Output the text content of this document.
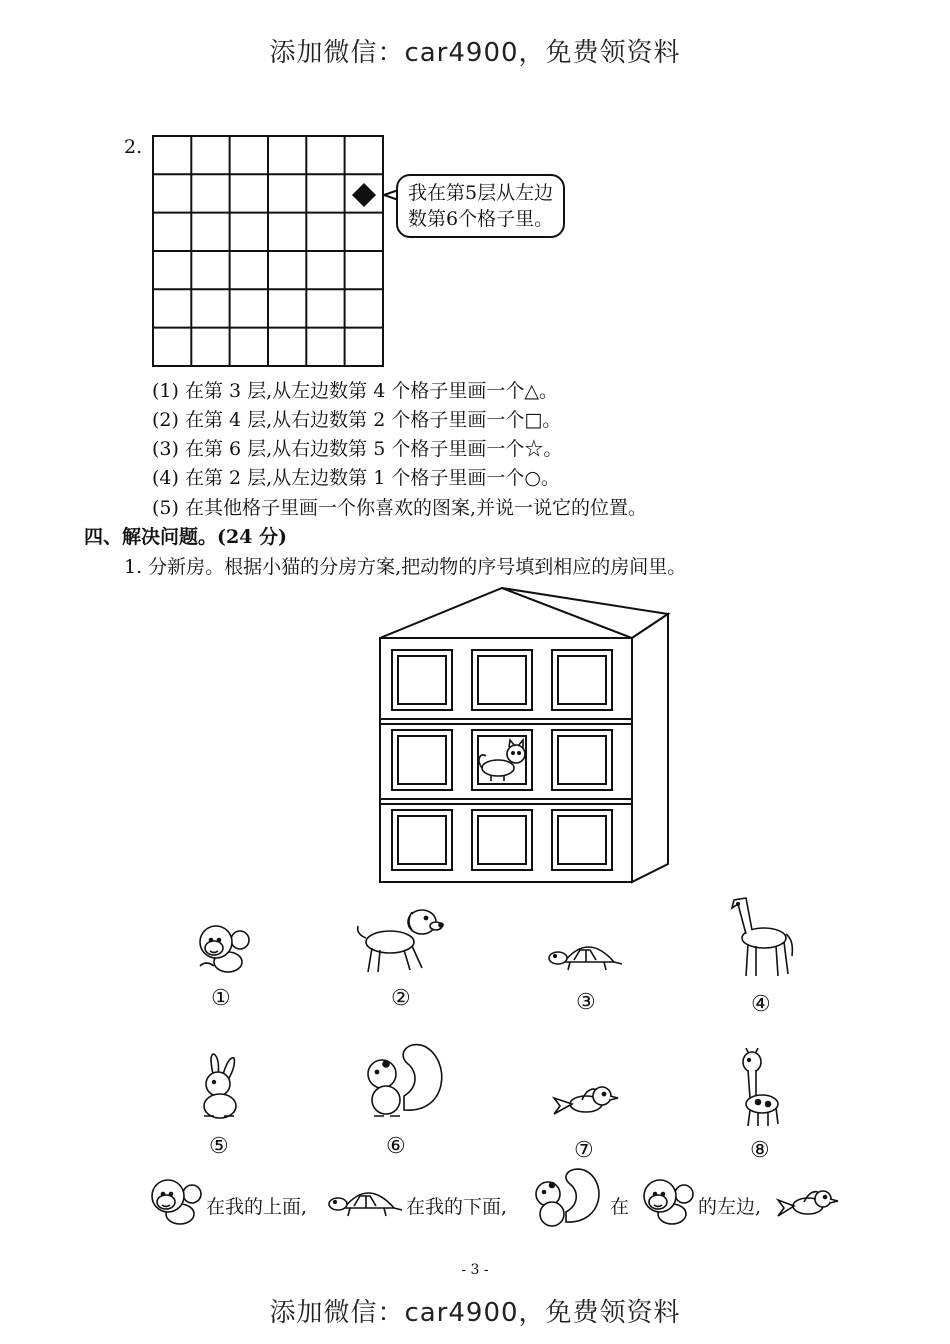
添加微信：car4900，免费领资料
2.
我在第5层从左边
数第6个格子里。
(1) 在第 3 层,从左边数第 4 个格子里画一个△。
(2) 在第 4 层,从右边数第 2 个格子里画一个□。
(3) 在第 6 层,从右边数第 5 个格子里画一个☆。
(4) 在第 2 层,从左边数第 1 个格子里画一个○。
(5) 在其他格子里画一个你喜欢的图案,并说一说它的位置。
四、解决问题。(24 分)
1. 分新房。根据小猫的分房方案,把动物的序号填到相应的房间里。
①	②	③	④
⑤	⑥	⑦	⑧
在我的上面,	在我的下面,	在	的左边,
- 3 -
添加微信：car4900，免费领资料
